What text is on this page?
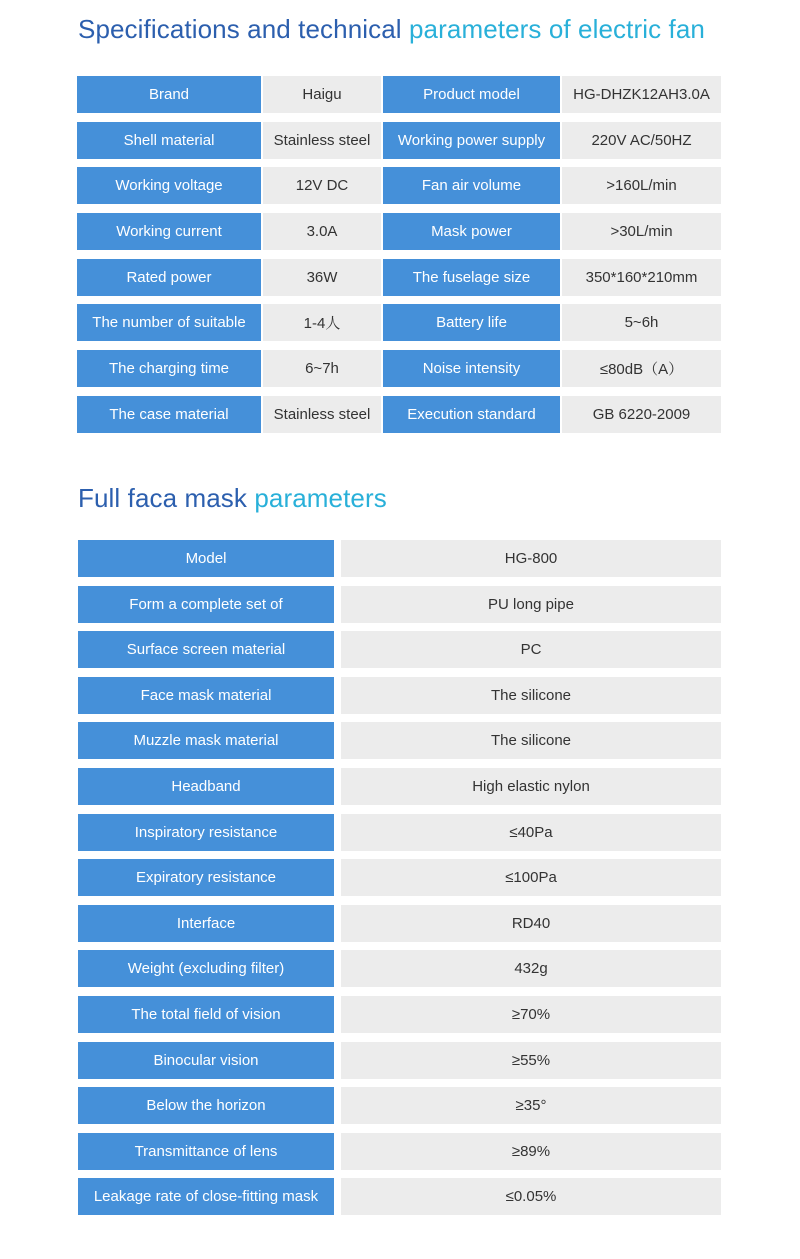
Specifications and technical parameters of electric fan
Brand	Haigu	Product model	HG-DHZK12AH3.0A
Shell material	Stainless steel	Working power supply	220V AC/50HZ
Working voltage	12V DC	Fan air volume	>160L/min
Working current	3.0A	Mask power	>30L/min
Rated power	36W	The fuselage size	350*160*210mm
The number of suitable	1-4人	Battery life	5~6h
The charging time	6~7h	Noise intensity	≤80dB（A）
The case material	Stainless steel	Execution standard	GB 6220-2009
Full faca mask parameters
Model	HG-800
Form a complete set of	PU long pipe
Surface screen material	PC
Face mask material	The silicone
Muzzle mask material	The silicone
Headband	High elastic nylon
Inspiratory resistance	≤40Pa
Expiratory resistance	≤100Pa
Interface	RD40
Weight (excluding filter)	432g
The total field of vision	≥70%
Binocular vision	≥55%
Below the horizon	≥35°
Transmittance of lens	≥89%
Leakage rate of close-fitting mask	≤0.05%
